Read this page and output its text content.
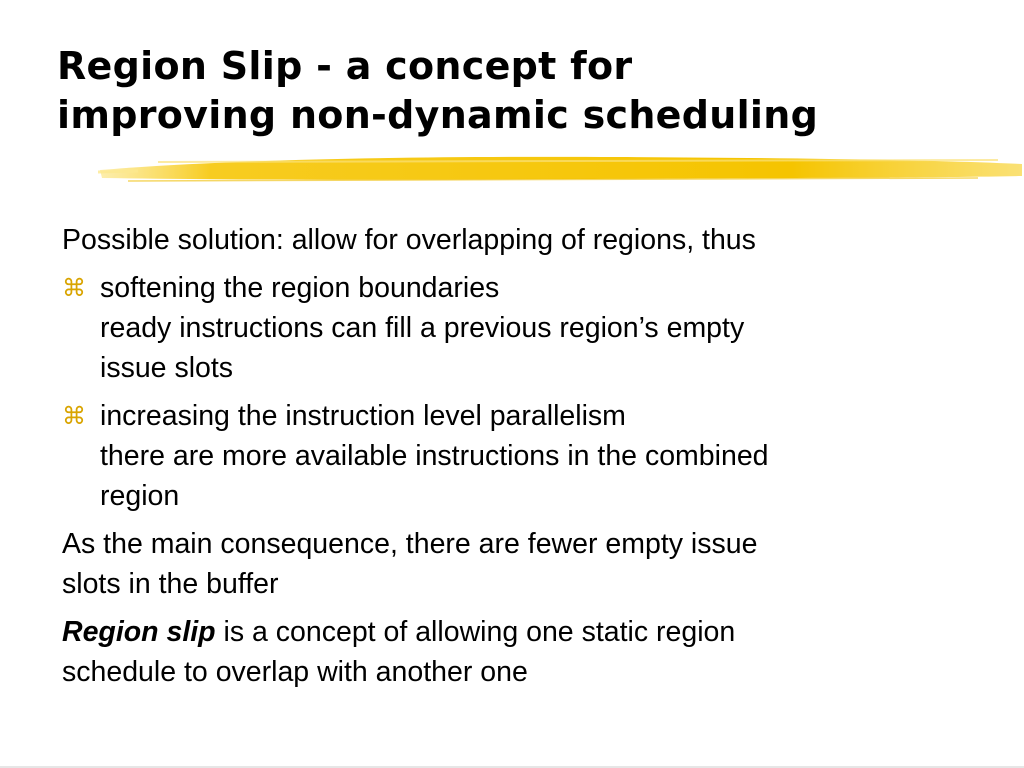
Region Slip - a concept for
improving non-dynamic scheduling
Possible solution: allow for overlapping of regions, thus
⌘ softening the region boundaries
ready instructions can fill a previous region’s empty
issue slots
⌘ increasing the instruction level parallelism
there are more available instructions in the combined
region
As the main consequence, there are fewer empty issue
slots in the buffer
Region slip is a concept of allowing one static region
schedule to overlap with another one
